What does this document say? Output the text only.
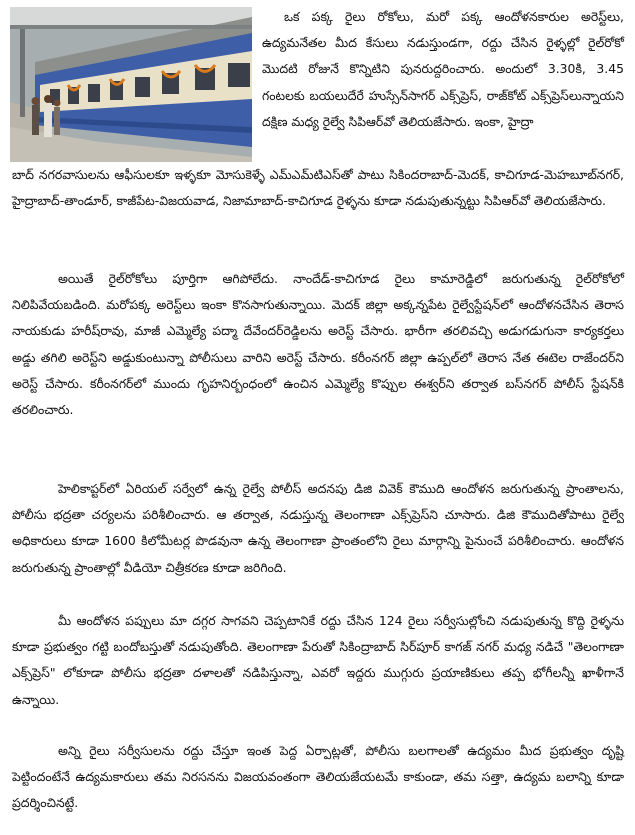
ఒక పక్క రైలు రోకోలు, మరో పక్క ఆందోళనకారుల అరెస్ట్‌లు, ఉద్యమనేతల మీద కేసులు నడుస్తుండగా, రద్దు చేసిన రైళ్ళల్లో రైల్‌రోకో మొదటి రోజునే కొన్నిటిని పునరుద్దరించారు. అందులో 3.30కి, 3.45 గంటలకు బయలుదేరే హుస్సేన్‌సాగర్ ఎక్స్‌ప్రెస్, రాజ్‌కోట్ ఎక్స్‌ప్రెస్‌లున్నాయని దక్షిణ మధ్య రైల్వే సిపిఆర్‌వో తెలియజేసారు. ఇంకా, హైద్రా

బాద్ నగరవాసులను ఆఫీసులకూ ఇళ్ళకూ మోసుకెళ్ళే ఎమ్‌ఎమ్‌టిఎస్‌తో పాటు సికిందరాబాద్-మెదక్, కాచిగూడ-మెహబూబ్‌నగర్, హైద్రాబాద్-తాండూర్, కాజీపేట-విజయవాడ, నిజామాబాద్-కాచిగూడ రైళ్ళను కూడా నడుపుతున్నట్టు సిపిఆర్‌వో తెలియజేసారు.

అయితే రైల్‌రోకోలు పూర్తిగా ఆగిపోలేదు. నాందేడ్-కాచిగూడ రైలు కామారెడ్డిలో జరుగుతున్న రైల్‌రోకోలో నిలిపివేయబడింది. మరోపక్క అరెస్ట్‌లు ఇంకా కొనసాగుతున్నాయి. మెదక్ జిల్లా అక్కన్నపేట రైల్వేస్టేషన్‌లో ఆందోళనచేసిన తెరాస నాయకుడు హరీష్‌రావు, మాజీ ఎమ్మెల్యే పద్మా దేవేందర్‌రెడ్డిలను అరెస్ట్ చేసారు. భారీగా తరలివచ్చి అడుగడుగునా కార్యకర్తలు అడ్డు తగిలి అరెస్ట్‌ని అడ్డుకుంటున్నా పోలీసులు వారిని అరెస్ట్ చేసారు. కరీంనగర్ జిల్లా ఉప్పల్‌లో తెరాస నేత ఈటెల రాజేందర్‌ని అరెస్ట్ చేసారు. కరీంనగర్‌లో ముందు గృహనిర్బంధంలో ఉంచిన ఎమ్మెల్యే కొప్పుల ఈశ్వర్‌ని తర్వాత బస్‌నగర్ పోలీస్ స్టేషన్‌కి తరలించారు.

హెలికాప్టర్‌లో ఏరియల్ సర్వేలో ఉన్న రైల్వే పోలీస్ అదనపు డిజి వివెక్ కౌముది ఆందోళన జరుగుతున్న ప్రాంతాలను, పోలీసు భద్రతా చర్యలను పరిశీలించారు. ఆ తర్వాత, నడుస్తున్న తెలంగాణా ఎక్స్‌ప్రెస్‌ని చూసారు. డిజి కౌముదితోపాటు రైల్వే అధికారులు కూడా 1600 కిలోమీటర్ల పొడవునా ఉన్న తెలంగాణా ప్రాంతంలోని రైలు మార్గాన్ని పైనుంచే పరిశీలించారు. ఆందోళన జరుగుతున్న ప్రాంతాల్లో వీడియో చిత్రీకరణ కూడా జరిగింది.

మీ ఆందోళన పప్పులు మా దగ్గర సాగవని చెప్పటానికే రద్దు చేసిన 124 రైలు సర్వీసుల్లోంచి నడుపుతున్న కొద్ది రైళ్ళను కూడా ప్రభుత్వం గట్టి బందోబస్తుతో నడుపుతోంది. తెలంగాణా పేరుతో సికింద్రాబాద్ సిర్‌పూర్ కాగజ్ నగర్ మధ్య నడిచే "తెలంగాణా ఎక్స్‌ప్రెస్" లోకూడా పోలీసు భద్రతా దళాలతో నడిపిస్తున్నా, ఎవరో ఇద్దరు ముగ్గురు ప్రయాణికులు తప్ప భోగీలన్నీ ఖాళీగానే ఉన్నాయి.

అన్ని రైలు సర్వీసులను రద్దు చేస్తూ ఇంత పెద్ద ఏర్పాట్లతో, పోలీసు బలగాలతో ఉద్యమం మీద ప్రభుత్వం దృష్టి పెట్టిందంటేనే ఉద్యమకారులు తమ నిరసనను విజయవంతంగా తెలియజేయటమే కాకుండా, తమ సత్తా, ఉద్యమ బలాన్ని కూడా ప్రదర్శించినట్టే.
